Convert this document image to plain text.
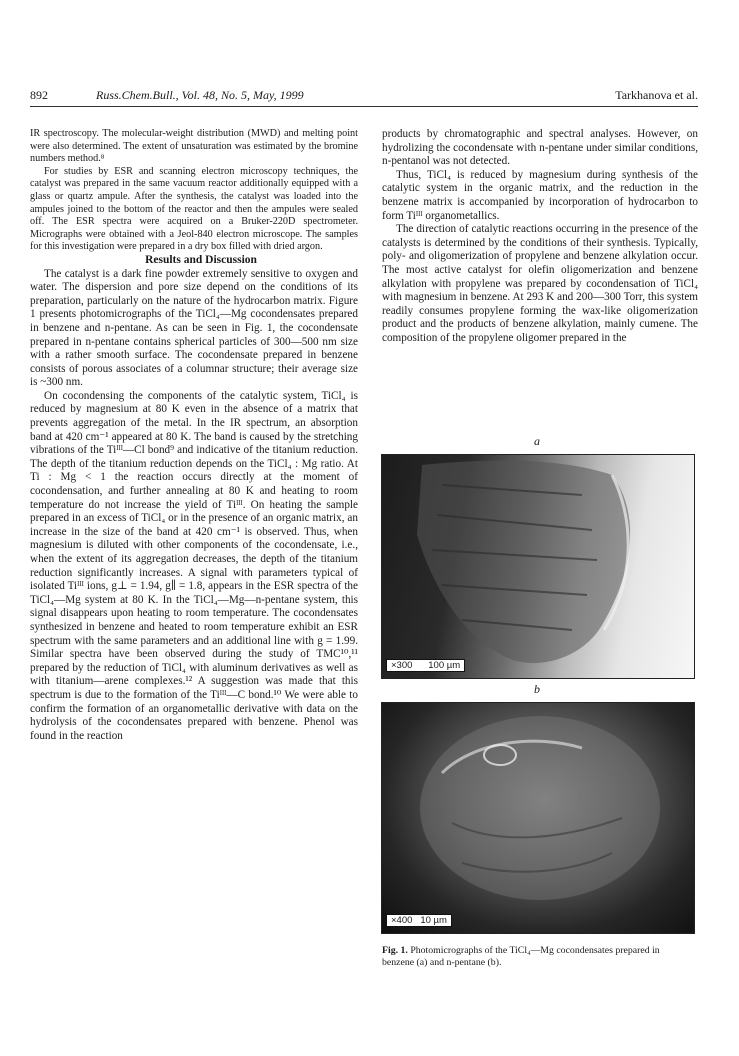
892	Russ.Chem.Bull., Vol. 48, No. 5, May, 1999	Tarkhanova et al.

IR spectroscopy. The molecular-weight distribution (MWD) and melting point were also determined. The extent of unsaturation was estimated by the bromine numbers method.⁸

For studies by ESR and scanning electron microscopy techniques, the catalyst was prepared in the same vacuum reactor additionally equipped with a glass or quartz ampule. After the synthesis, the catalyst was loaded into the ampules joined to the bottom of the reactor and then the ampules were sealed off. The ESR spectra were acquired on a Bruker-220D spectrometer. Micrographs were obtained with a Jeol-840 electron microscope. The samples for this investigation were prepared in a dry box filled with dried argon.

Results and Discussion

The catalyst is a dark fine powder extremely sensitive to oxygen and water. The dispersion and pore size depend on the conditions of its preparation, particularly on the nature of the hydrocarbon matrix. Figure 1 presents photomicrographs of the TiCl₄—Mg cocondensates prepared in benzene and n-pentane. As can be seen in Fig. 1, the cocondensate prepared in n-pentane contains spherical particles of 300—500 nm size with a rather smooth surface. The cocondensate prepared in benzene consists of porous associates of a columnar structure; their average size is ~300 nm.

On cocondensing the components of the catalytic system, TiCl₄ is reduced by magnesium at 80 K even in the absence of a matrix that prevents aggregation of the metal. In the IR spectrum, an absorption band at 420 cm⁻¹ appeared at 80 K. The band is caused by the stretching vibrations of the Tiᴵᴵᴵ—Cl bond⁹ and indicative of the titanium reduction. The depth of the titanium reduction depends on the TiCl₄ : Mg ratio. At Ti : Mg < 1 the reaction occurs directly at the moment of cocondensation, and further annealing at 80 K and heating to room temperature do not increase the yield of Tiᴵᴵᴵ. On heating the sample prepared in an excess of TiCl₄ or in the presence of an organic matrix, an increase in the size of the band at 420 cm⁻¹ is observed. Thus, when magnesium is diluted with other components of the cocondensate, i.e., when the extent of its aggregation decreases, the depth of the titanium reduction significantly increases. A signal with parameters typical of isolated Tiᴵᴵᴵ ions, g⊥ = 1.94, g∥ = 1.8, appears in the ESR spectra of the TiCl₄—Mg system at 80 K. In the TiCl₄—Mg—n-pentane system, this signal disappears upon heating to room temperature. The cocondensates synthesized in benzene and heated to room temperature exhibit an ESR spectrum with the same parameters and an additional line with g = 1.99. Similar spectra have been observed during the study of TMC¹⁰,¹¹ prepared by the reduction of TiCl₄ with aluminum derivatives as well as with titanium—arene complexes.¹² A suggestion was made that this spectrum is due to the formation of the Tiᴵᴵᴵ—C bond.¹⁰ We were able to confirm the formation of an organometallic derivative with data on the hydrolysis of the cocondensates prepared with benzene. Phenol was found in the reaction

products by chromatographic and spectral analyses. However, on hydrolizing the cocondensate with n-pentane under similar conditions, n-pentanol was not detected.

Thus, TiCl₄ is reduced by magnesium during synthesis of the catalytic system in the organic matrix, and the reduction in the benzene matrix is accompanied by incorporation of hydrocarbon to form Tiᴵᴵᴵ organometallics.

The direction of catalytic reactions occurring in the presence of the catalysts is determined by the conditions of their synthesis. Typically, poly- and oligomerization of propylene and benzene alkylation occur. The most active catalyst for olefin oligomerization and benzene alkylation with propylene was prepared by cocondensation of TiCl₄ with magnesium in benzene. At 293 K and 200—300 Torr, this system readily consumes propylene forming the wax-like oligomerization product and the products of benzene alkylation, mainly cumene. The composition of the propylene oligomer prepared in the

a
×300 100 µm
b
×400 10 µm
Fig. 1. Photomicrographs of the TiCl₄—Mg cocondensates prepared in benzene (a) and n-pentane (b).
